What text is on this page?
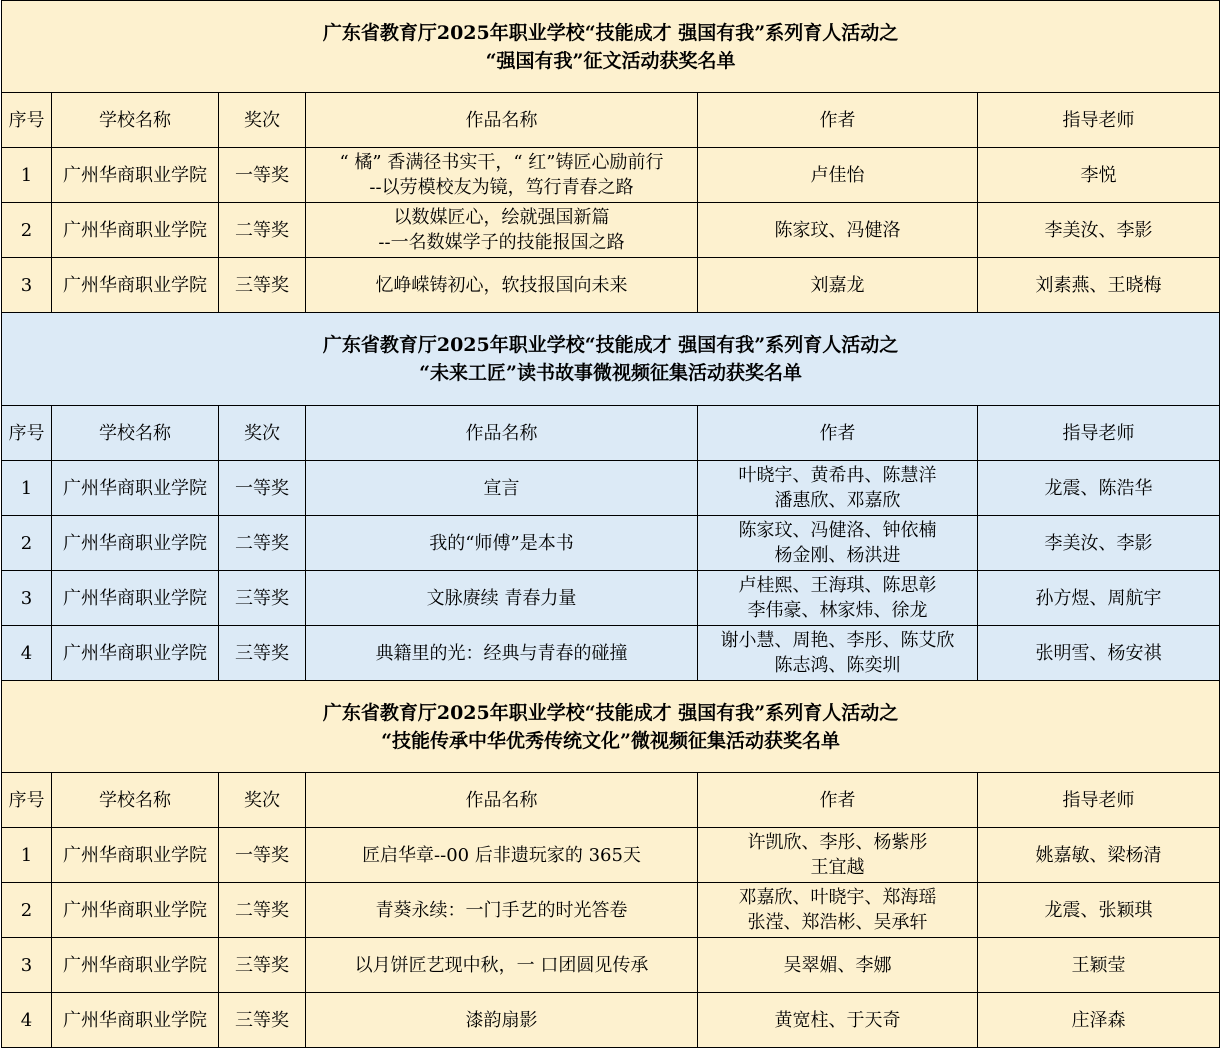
广东省教育厅2025年职业学校“技能成才 强国有我”系列育人活动之
“强国有我”征文活动获奖名单					

序号	学校名称	奖次	作品名称	作者	指导老师
1	广州华商职业学院	一等奖	“ 橘” 香满径书实干，“ 红”铸匠心励前行
--以劳模校友为镜，笃行青春之路	卢佳怡	李悦
2	广州华商职业学院	二等奖	以数媒匠心，绘就强国新篇
--一名数媒学子的技能报国之路	陈家玟、冯健洛	李美汝、李影
3	广州华商职业学院	三等奖	忆峥嵘铸初心，软技报国向未来	刘嘉龙	刘素燕、王晓梅

广东省教育厅2025年职业学校“技能成才 强国有我”系列育人活动之
“未来工匠”读书故事微视频征集活动获奖名单					

序号	学校名称	奖次	作品名称	作者	指导老师
1	广州华商职业学院	一等奖	宣言	叶晓宇、黄希冉、陈慧洋
潘惠欣、邓嘉欣	龙震、陈浩华
2	广州华商职业学院	二等奖	我的“师傅”是本书	陈家玟、冯健洛、钟依楠
杨金刚、杨洪进	李美汝、李影
3	广州华商职业学院	三等奖	文脉赓续 青春力量	卢桂熙、王海琪、陈思彰
李伟豪、林家炜、徐龙	孙方煜、周航宇
4	广州华商职业学院	三等奖	典籍里的光：经典与青春的碰撞	谢小慧、周艳、李彤、陈艾欣
陈志鸿、陈奕圳	张明雪、杨安祺

广东省教育厅2025年职业学校“技能成才 强国有我”系列育人活动之
“技能传承中华优秀传统文化”微视频征集活动获奖名单					

序号	学校名称	奖次	作品名称	作者	指导老师
1	广州华商职业学院	一等奖	匠启华章--00 后非遗玩家的 365天	许凯欣、李彤、杨紫彤
王宜越	姚嘉敏、梁杨清
2	广州华商职业学院	二等奖	青葵永续：一门手艺的时光答卷	邓嘉欣、叶晓宇、郑海瑶
张滢、郑浩彬、吴承轩	龙震、张颖琪
3	广州华商职业学院	三等奖	以月饼匠艺现中秋，一 口团圆见传承	吴翠媚、李娜	王颖莹
4	广州华商职业学院	三等奖	漆韵扇影	黄宽柱、于天奇	庄泽森
